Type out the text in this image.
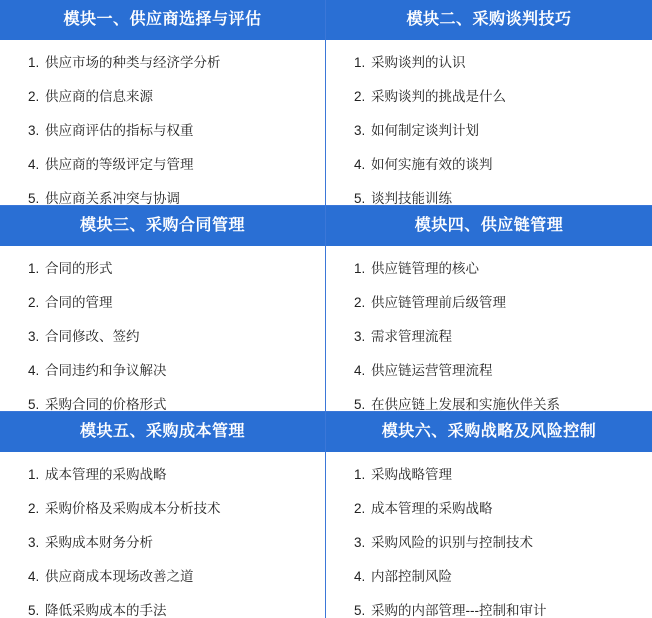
模块一、供应商选择与评估
1. 供应市场的种类与经济学分析
2. 供应商的信息来源
3. 供应商评估的指标与权重
4. 供应商的等级评定与管理
5. 供应商关系冲突与协调
模块二、采购谈判技巧
1. 采购谈判的认识
2. 采购谈判的挑战是什么
3. 如何制定谈判计划
4. 如何实施有效的谈判
5. 谈判技能训练
模块三、采购合同管理
1. 合同的形式
2. 合同的管理
3. 合同修改、签约
4. 合同违约和争议解决
5. 采购合同的价格形式
模块四、供应链管理
1. 供应链管理的核心
2. 供应链管理前后级管理
3. 需求管理流程
4. 供应链运营管理流程
5. 在供应链上发展和实施伙伴关系
模块五、采购成本管理
1. 成本管理的采购战略
2. 采购价格及采购成本分析技术
3. 采购成本财务分析
4. 供应商成本现场改善之道
5. 降低采购成本的手法
模块六、采购战略及风险控制
1. 采购战略管理
2. 成本管理的采购战略
3. 采购风险的识别与控制技术
4. 内部控制风险
5. 采购的内部管理---控制和审计
